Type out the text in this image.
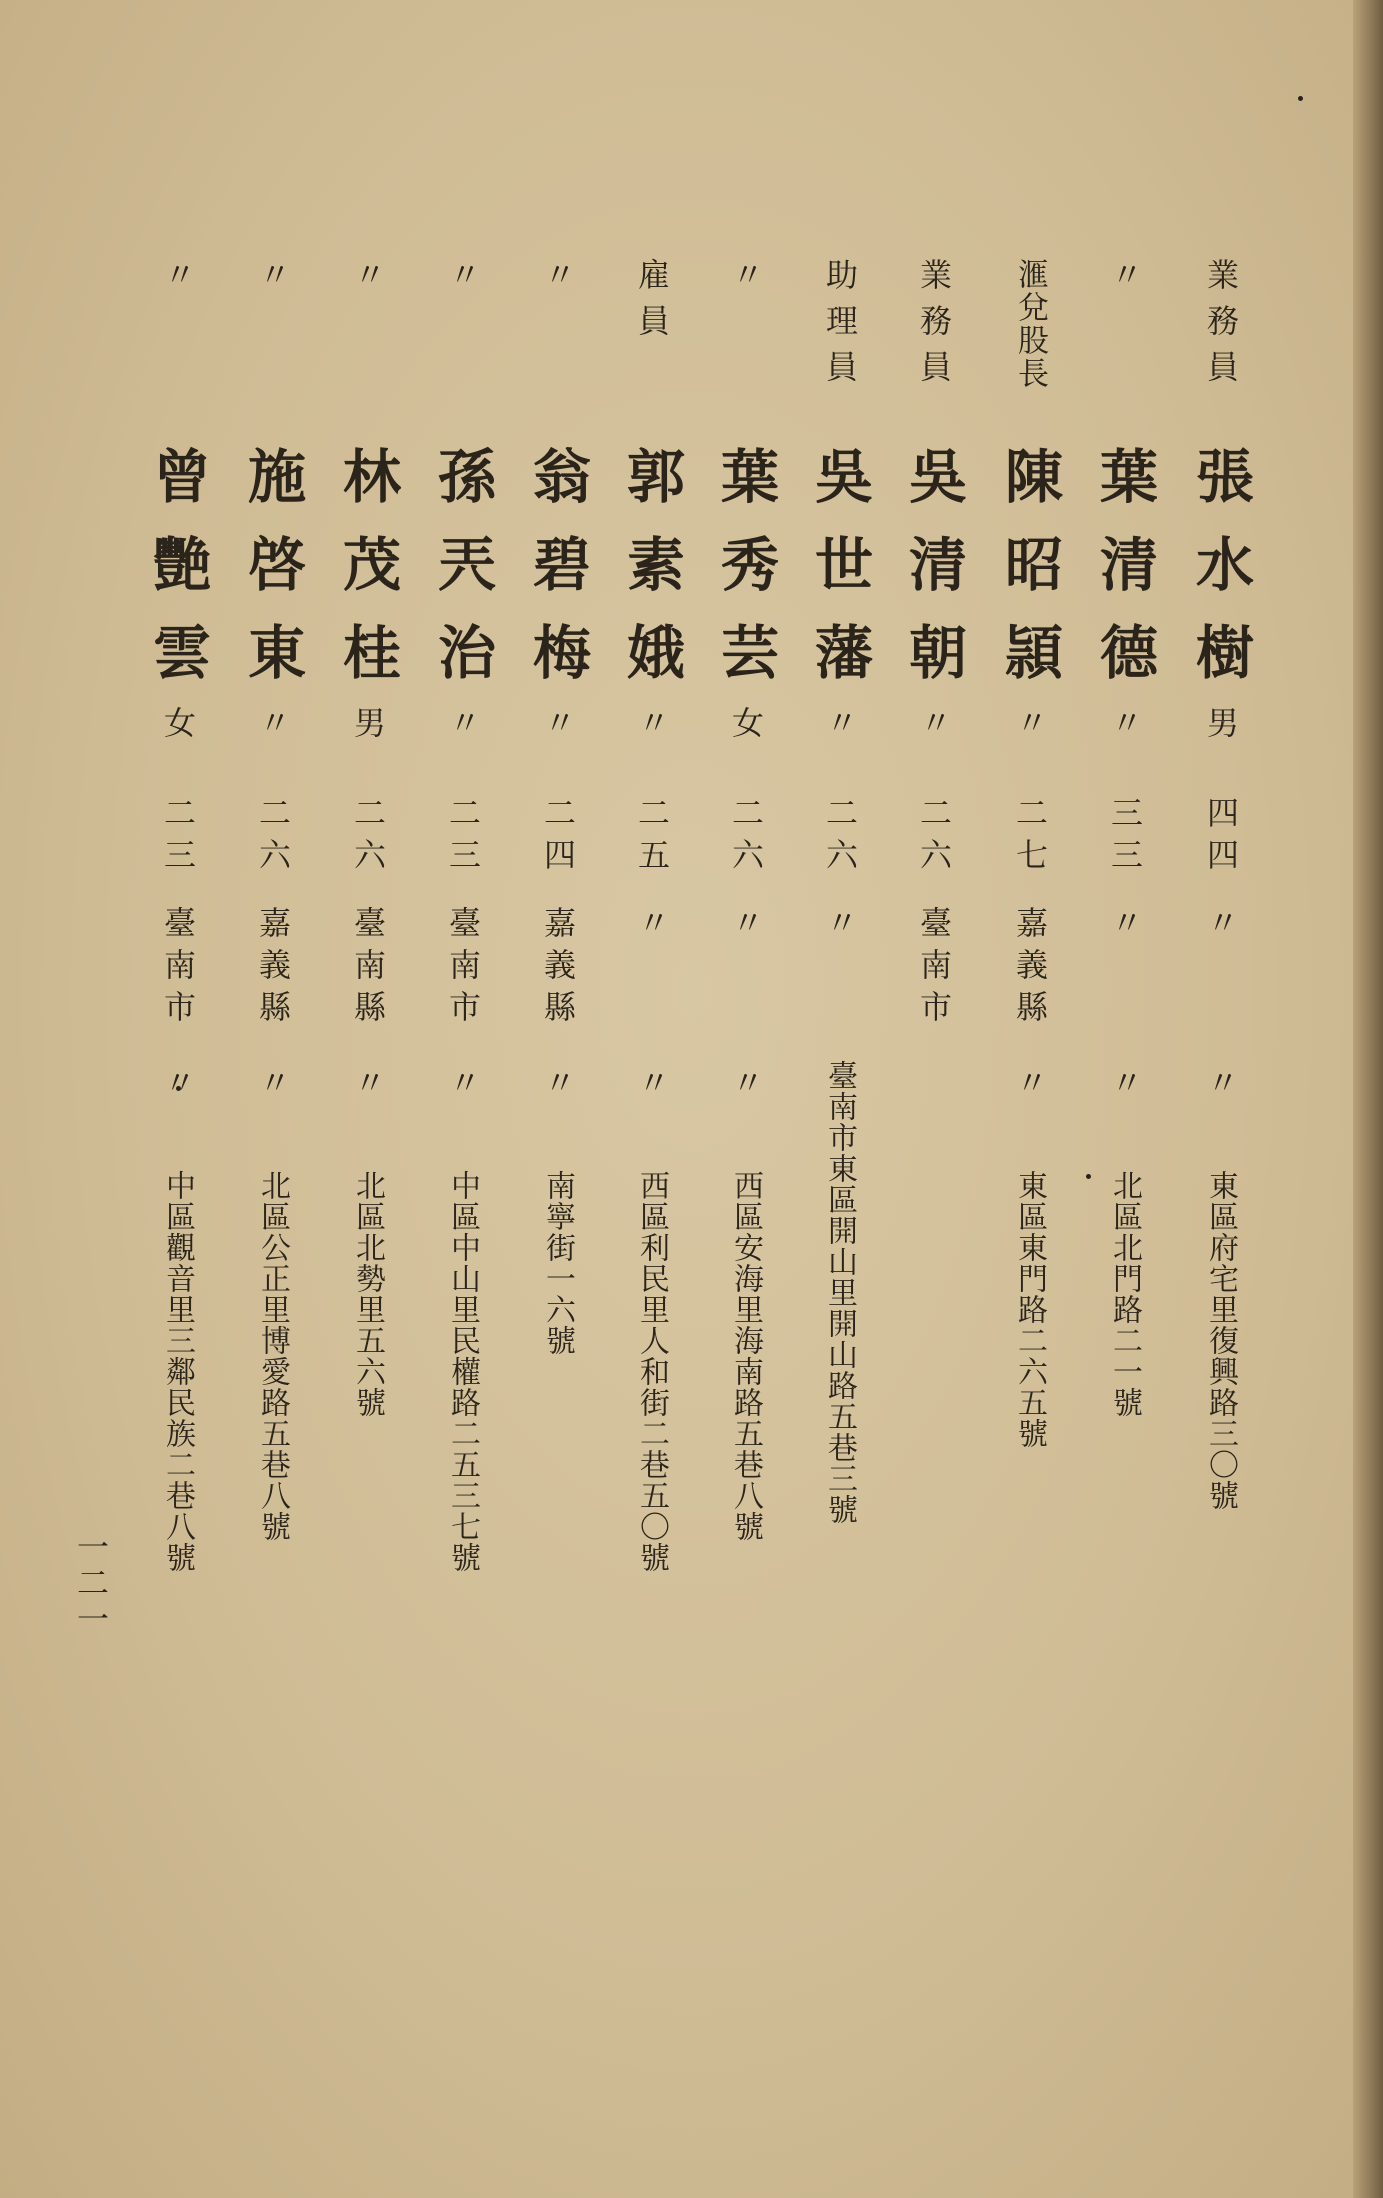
業務員
張水樹
男
四四
〃
〃
東區府宅里復興路三〇號
〃
葉清德
〃
三三
〃
〃
北區北門路二一號
滙兌股長
陳昭頴
〃
二七
嘉義縣
〃
東區東門路二六五號
業務員
吳清朝
〃
二六
臺南市
助理員
吳世藩
〃
二六
〃
臺南市東區開山里開山路五巷三號
〃
葉秀芸
女
二六
〃
〃
西區安海里海南路五巷八號
雇員
郭素娥
〃
二五
〃
〃
西區利民里人和街二巷五〇號
〃
翁碧梅
〃
二四
嘉義縣
〃
南寧街一六號
〃
孫兲治
〃
二三
臺南市
〃
中區中山里民權路二五三七號
〃
林茂桂
男
二六
臺南縣
〃
北區北勢里五六號
〃
施啓東
〃
二六
嘉義縣
〃
北區公正里博愛路五巷八號
〃
曾艷雲
女
二三
臺南市
〃
中區觀音里三鄰民族二巷八號
一二一
